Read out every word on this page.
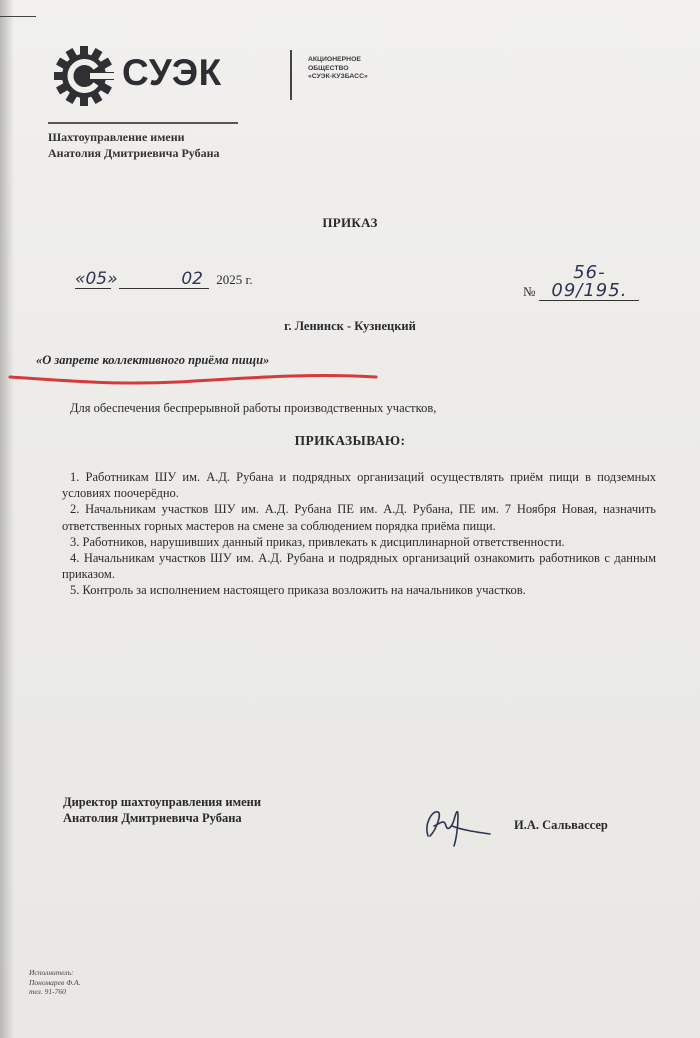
СУЭК	АКЦИОНЕРНОЕ
ОБЩЕСТВО
«СУЭК-КУЗБАСС»
Шахтоуправление имени
Анатолия Дмитриевича Рубана
ПРИКАЗ
«05»	02 2025 г.
№56-09/195.
г. Ленинск - Кузнецкий
«О запрете коллективного приёма пищи»
Для обеспечения беспрерывной работы производственных участков,
ПРИКАЗЫВАЮ:

1. Работникам ШУ им. А.Д. Рубана и подрядных организаций осуществлять приём пищи в подземных условиях поочерёдно.

2. Начальникам участков ШУ им. А.Д. Рубана ПЕ им. А.Д. Рубана, ПЕ им. 7 Ноября Новая, назначить ответственных горных мастеров на смене за соблюдением порядка приёма пищи.

3. Работников, нарушивших данный приказ, привлекать к дисциплинарной ответственности.

4. Начальникам участков ШУ им. А.Д. Рубана и подрядных организаций ознакомить работников с данным приказом.

5. Контроль за исполнением настоящего приказа возложить на начальников участков.

Директор шахтоуправления имени
Анатолия Дмитриевича Рубана	И.А. Сальвассер
Исполнитель:
Пономарев Ф.А.
тел. 91-760
